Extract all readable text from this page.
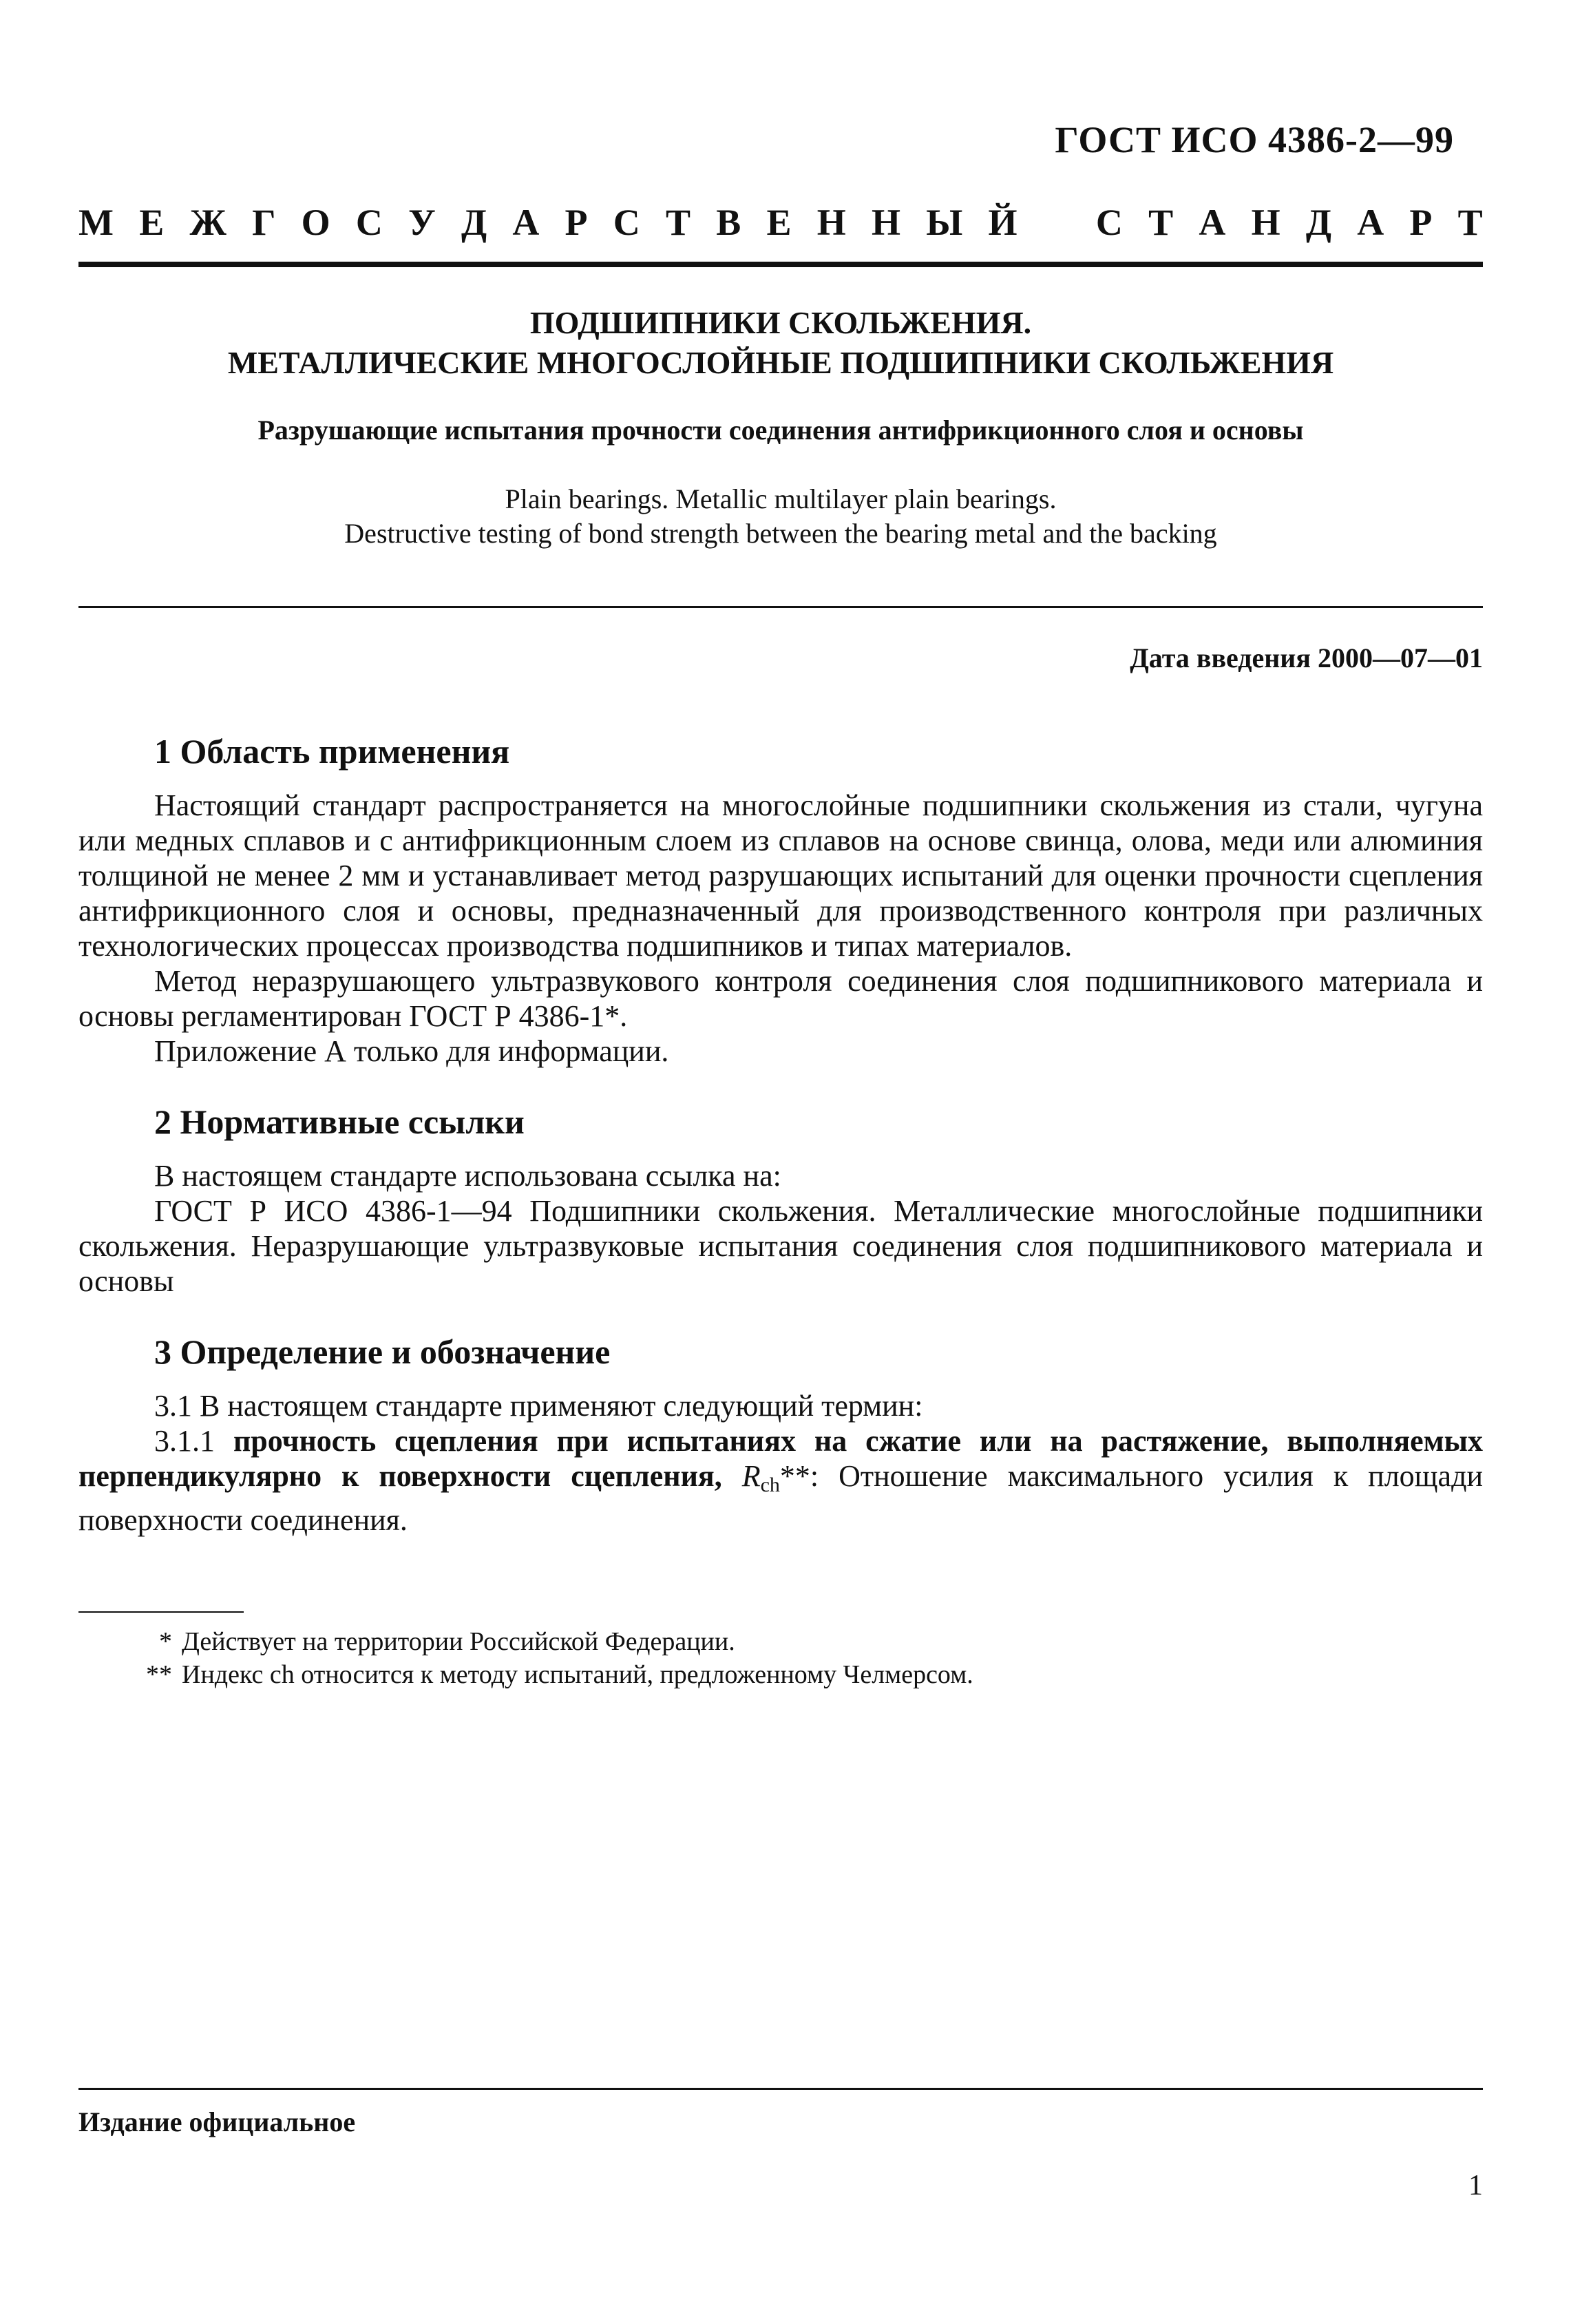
ГОСТ ИСО 4386-2—99
М Е Ж Г О С У Д А Р С Т В Е Н Н Ы Й С Т А Н Д А Р Т
ПОДШИПНИКИ СКОЛЬЖЕНИЯ.
МЕТАЛЛИЧЕСКИЕ МНОГОСЛОЙНЫЕ ПОДШИПНИКИ СКОЛЬЖЕНИЯ
Разрушающие испытания прочности соединения антифрикционного слоя и основы
Plain bearings. Metallic multilayer plain bearings.
Destructive testing of bond strength between the bearing metal and the backing
Дата введения 2000—07—01
1 Область применения

Настоящий стандарт распространяется на многослойные подшипники скольжения из стали, чугуна или медных сплавов и с антифрикционным слоем из сплавов на основе свинца, олова, меди или алюминия толщиной не менее 2 мм и устанавливает метод разрушающих испытаний для оценки прочности сцепления антифрикционного слоя и основы, предназначенный для производственного контроля при различных технологических процессах производства подшипников и типах материалов.

Метод неразрушающего ультразвукового контроля соединения слоя подшипникового материала и основы регламентирован ГОСТ Р 4386-1*.

Приложение А только для информации.

2 Нормативные ссылки

В настоящем стандарте использована ссылка на:

ГОСТ Р ИСО 4386-1—94 Подшипники скольжения. Металлические многослойные подшипники скольжения. Неразрушающие ультразвуковые испытания соединения слоя подшипникового материала и основы

3 Определение и обозначение

3.1 В настоящем стандарте применяют следующий термин:

3.1.1 прочность сцепления при испытаниях на сжатие или на растяжение, выполняемых перпендикулярно к поверхности сцепления, $R_{ch}**$: Отношение максимального усилия к площади поверхности соединения.

* Действует на территории Российской Федерации.
** Индекс ch относится к методу испытаний, предложенному Челмерсом.
Издание официальное
1
